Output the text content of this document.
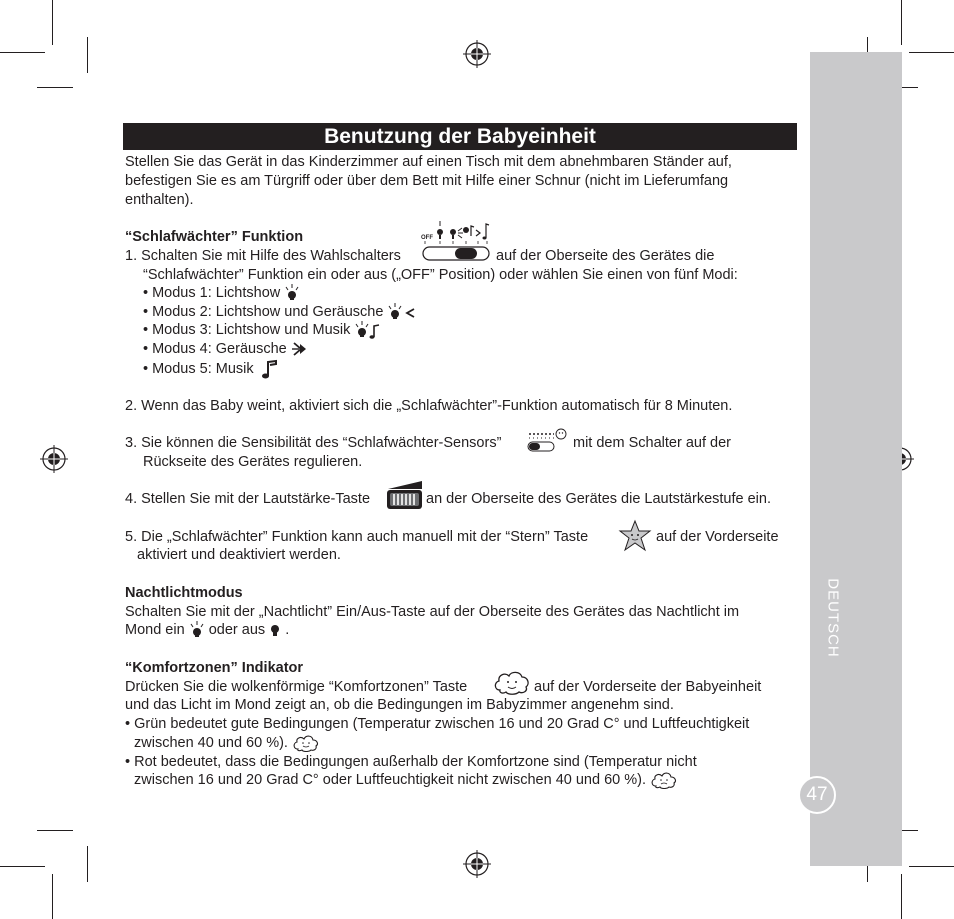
DEUTSCH
47
Benutzung der Babyeinheit
Stellen Sie das Gerät in das Kinderzimmer auf einen Tisch mit dem abnehmbaren Ständer auf,
befestigen Sie es am Türgriff oder über dem Bett mit Hilfe einer Schnur (nicht im Lieferumfang
enthalten).
“Schlafwächter” Funktion	OFF
1. Schalten Sie mit Hilfe des Wahlschalters	auf der Oberseite des Gerätes die
“Schlafwächter” Funktion ein oder aus („OFF” Position) oder wählen Sie einen von fünf Modi:
• Modus 1: Lichtshow
• Modus 2: Lichtshow und Geräusche
• Modus 3: Lichtshow und Musik
• Modus 4: Geräusche
• Modus 5: Musik
2. Wenn das Baby weint, aktiviert sich die „Schlafwächter”-Funktion automatisch für 8 Minuten.
3. Sie können die Sensibilität des “Schlafwächter-Sensors”	mit dem Schalter auf der
Rückseite des Gerätes regulieren.
4. Stellen Sie mit der Lautstärke-Taste	an der Oberseite des Gerätes die Lautstärkestufe ein.
5. Die „Schlafwächter” Funktion kann auch manuell mit der “Stern” Taste	auf der Vorderseite
aktiviert und deaktiviert werden.
Nachtlichtmodus
Schalten Sie mit der „Nachtlicht” Ein/Aus-Taste auf der Oberseite des Gerätes das Nachtlicht im
Mond ein oder aus .
“Komfortzonen” Indikator
Drücken Sie die wolkenförmige “Komfortzonen” Taste	auf der Vorderseite der Babyeinheit
und das Licht im Mond zeigt an, ob die Bedingungen im Babyzimmer angenehm sind.
• Grün bedeutet gute Bedingungen (Temperatur zwischen 16 und 20 Grad C° und Luftfeuchtigkeit
zwischen 40 und 60 %).
• Rot bedeutet, dass die Bedingungen außerhalb der Komfortzone sind (Temperatur nicht
zwischen 16 und 20 Grad C° oder Luftfeuchtigkeit nicht zwischen 40 und 60 %).
